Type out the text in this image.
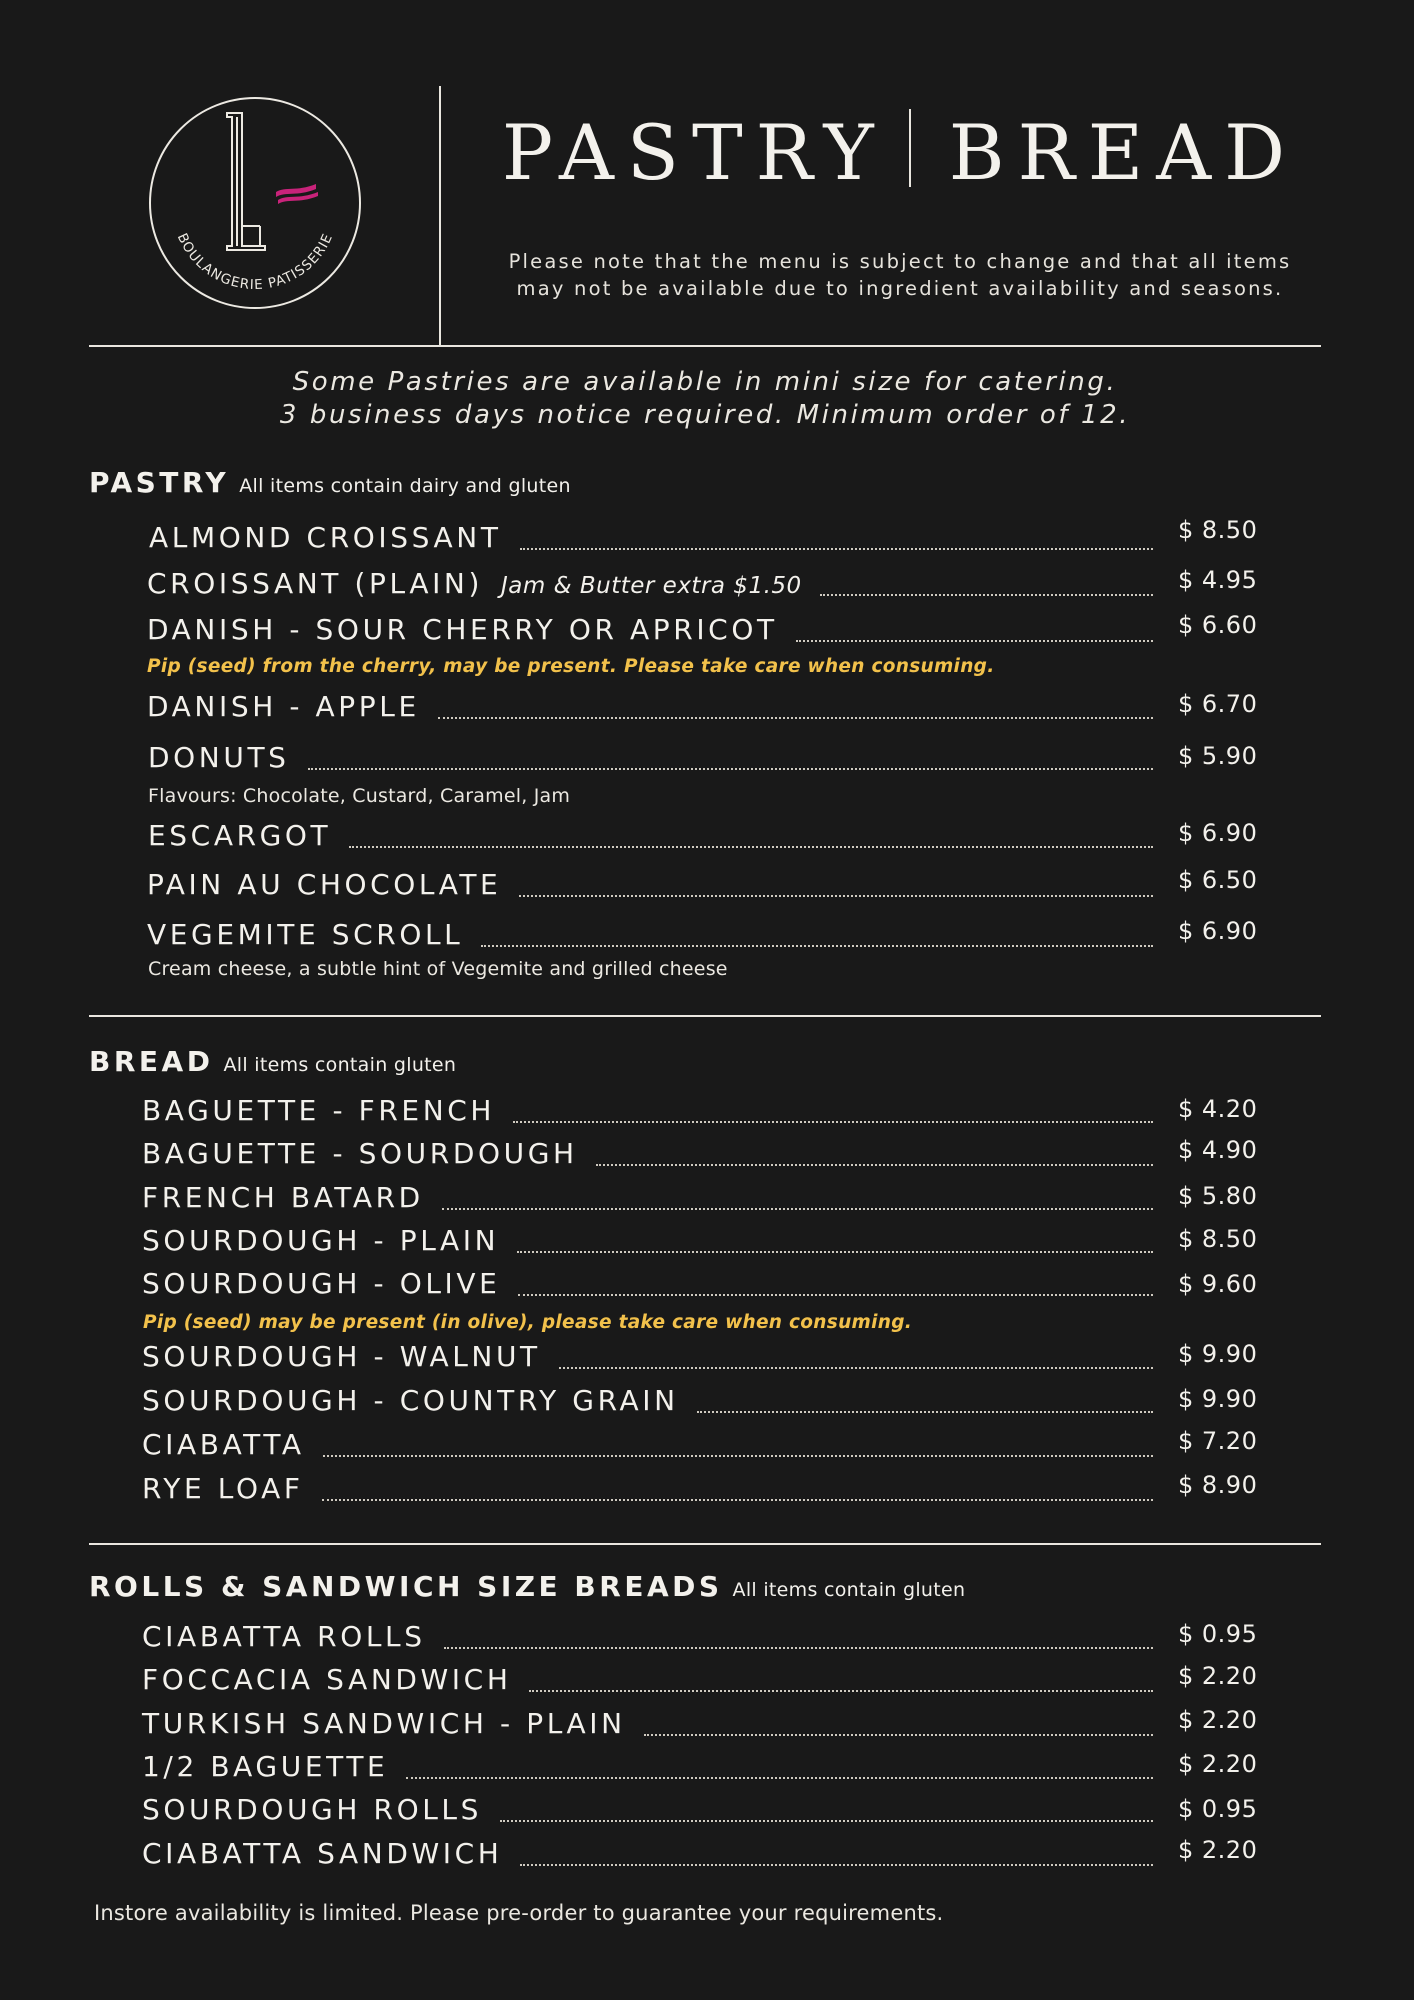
BOULANGERIE PATISSERIE
PASTRY BREAD
Please note that the menu is subject to change and that all items
may not be available due to ingredient availability and seasons.
Some Pastries are available in mini size for catering.
3 business days notice required. Minimum order of 12.
PASTRY All items contain dairy and gluten
ALMOND CROISSANT	$ 8.50
CROISSANT (PLAIN) Jam & Butter extra $1.50	$ 4.95
DANISH - SOUR CHERRY OR APRICOT	$ 6.60
Pip (seed) from the cherry, may be present. Please take care when consuming.
DANISH - APPLE	$ 6.70
DONUTS	$ 5.90
Flavours: Chocolate, Custard, Caramel, Jam
ESCARGOT	$ 6.90
PAIN AU CHOCOLATE	$ 6.50
VEGEMITE SCROLL	$ 6.90
Cream cheese, a subtle hint of Vegemite and grilled cheese
BREAD All items contain gluten
BAGUETTE - FRENCH	$ 4.20
BAGUETTE - SOURDOUGH	$ 4.90
FRENCH BATARD	$ 5.80
SOURDOUGH - PLAIN	$ 8.50
SOURDOUGH - OLIVE	$ 9.60
Pip (seed) may be present (in olive), please take care when consuming.
SOURDOUGH - WALNUT	$ 9.90
SOURDOUGH - COUNTRY GRAIN	$ 9.90
CIABATTA	$ 7.20
RYE LOAF	$ 8.90
ROLLS & SANDWICH SIZE BREADS All items contain gluten
CIABATTA ROLLS	$ 0.95
FOCCACIA SANDWICH	$ 2.20
TURKISH SANDWICH - PLAIN	$ 2.20
1/2 BAGUETTE	$ 2.20
SOURDOUGH ROLLS	$ 0.95
CIABATTA SANDWICH	$ 2.20
Instore availability is limited. Please pre-order to guarantee your requirements.
